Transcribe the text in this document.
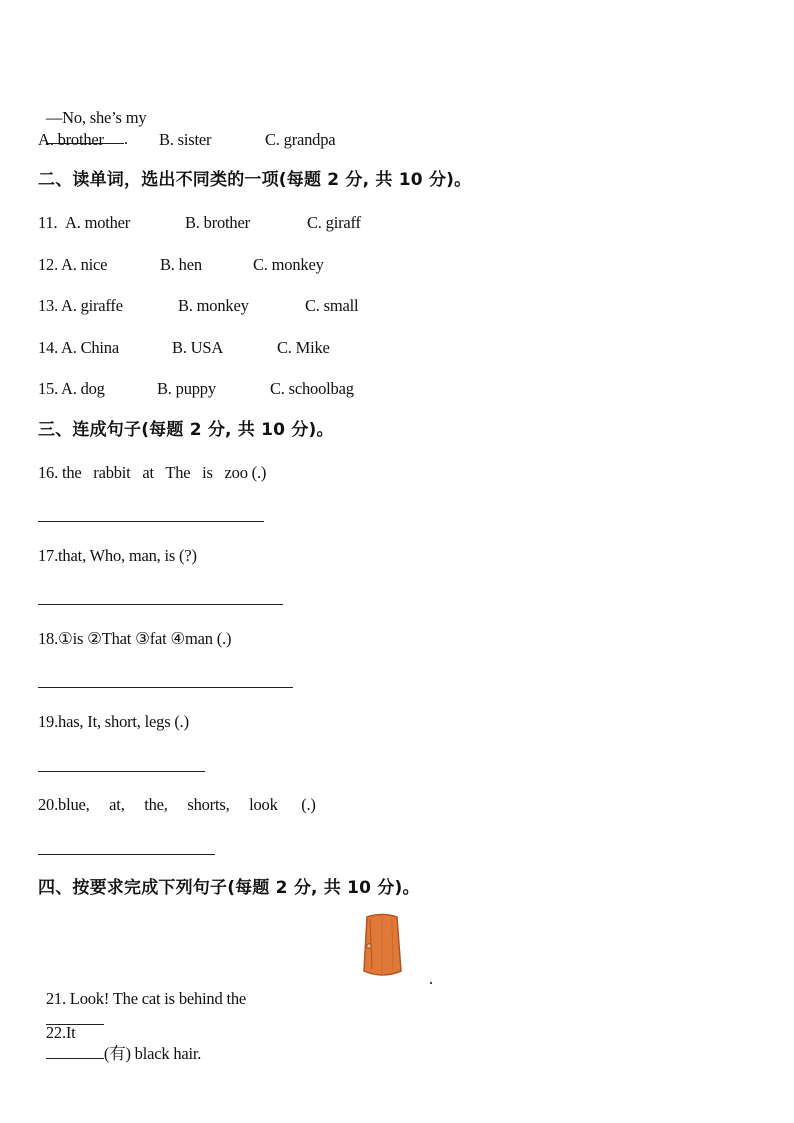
—No, she’s my
.

A. brother

	B. sister

	C. grandpa

二、读单词，选出不同类的一项(每题 2 分, 共 10 分)。

11.

A. mother

	B. brother

	C. giraff

12.

A. nice

	B. hen

	C. monkey

13.

A. giraffe

	B. monkey

	C. small

14.

A. China

	B. USA

	C. Mike

15.

A. dog

	B. puppy

	C. schoolbag

三、连成句子(每题 2 分, 共 10 分)。
16. the   rabbit   at   The   is   zoo (.)
17.that, Who, man, is (?)
18.①is ②That ③fat ④man (.)
19.has, It, short, legs (.)
20.blue,     at,     the,     shorts,     look      (.)
四、按要求完成下列句子(每题 2 分, 共 10 分)。

21. Look! The cat is behind the

.

22.It
(有) black hair.
